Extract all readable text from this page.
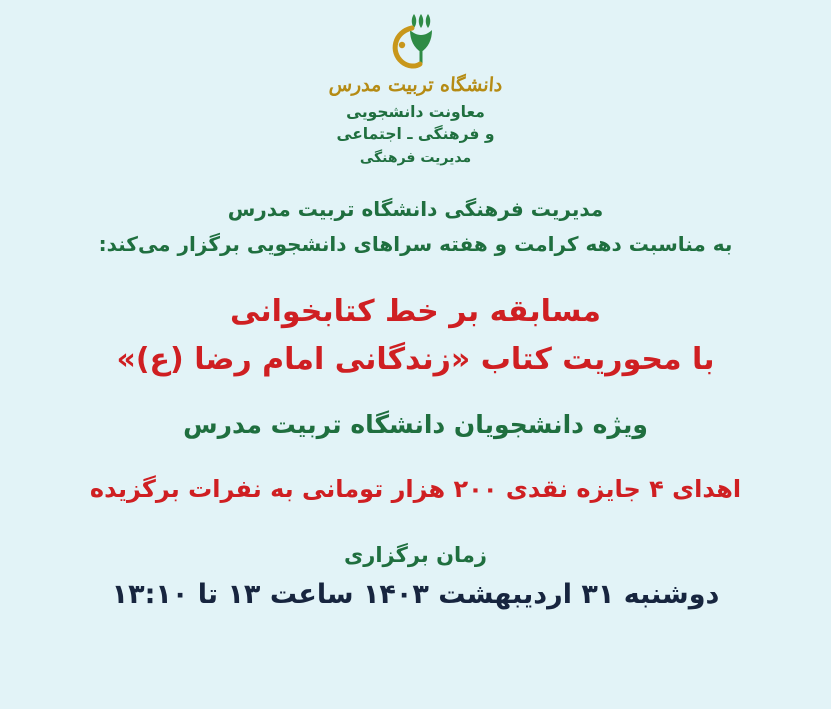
دانشگاه تربیت مدرس
معاونت دانشجویی
و فرهنگی ـ اجتماعی
مدیریت فرهنگی
مدیریت فرهنگی دانشگاه تربیت مدرس
به مناسبت دهه کرامت و هفته سراهای دانشجویی برگزار می‌کند:
مسابقه بر خط کتابخوانی
با محوریت کتاب «زندگانی امام رضا (ع)»
ویژه دانشجویان دانشگاه تربیت مدرس
اهدای ۴ جایزه نقدی ۲۰۰ هزار تومانی به نفرات برگزیده
زمان برگزاری
دوشنبه ۳۱ اردیبهشت ۱۴۰۳ ساعت ۱۳ تا ۱۳:۱۰
